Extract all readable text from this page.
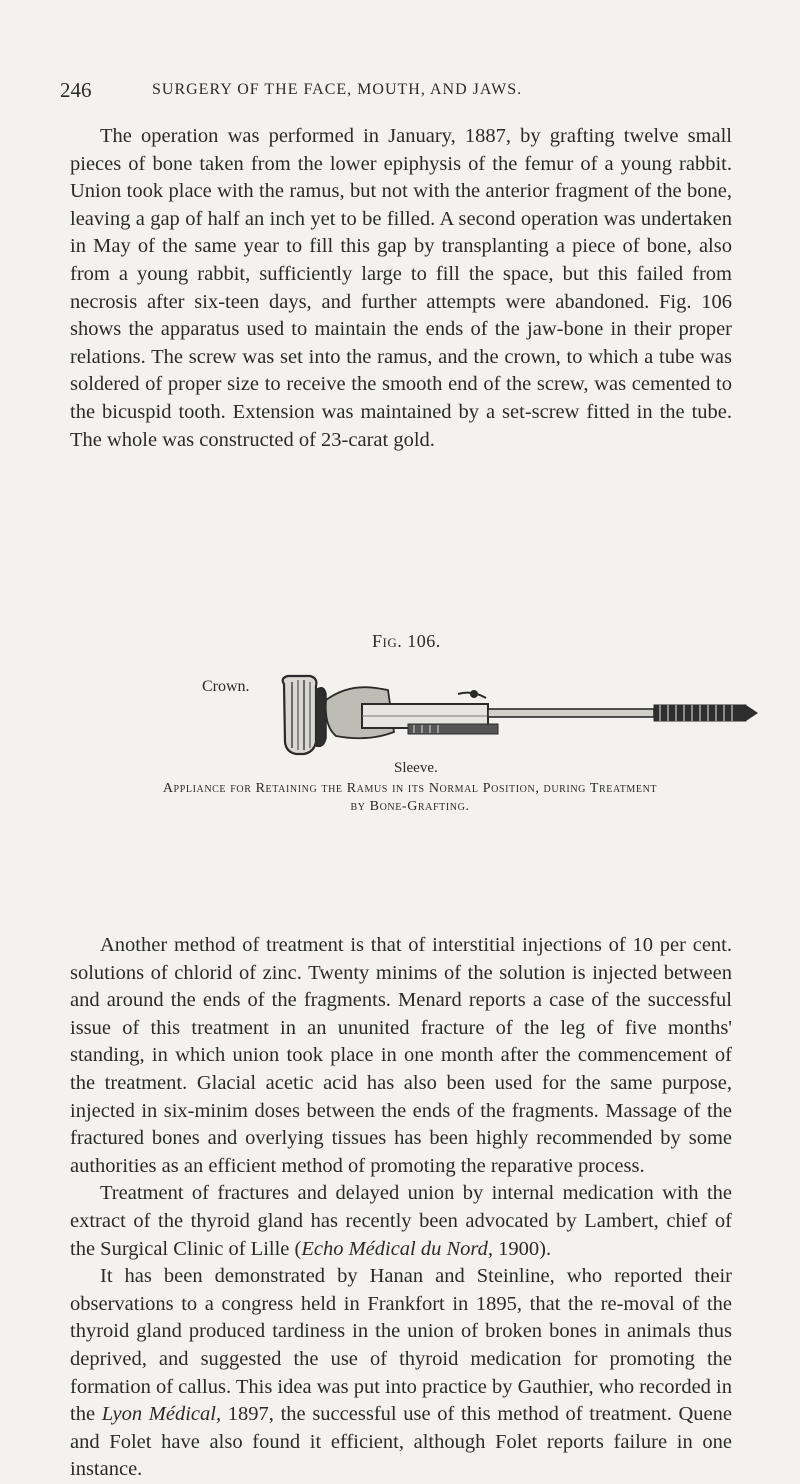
246	SURGERY OF THE FACE, MOUTH, AND JAWS.

The operation was performed in January, 1887, by grafting twelve small pieces of bone taken from the lower epiphysis of the femur of a young rabbit. Union took place with the ramus, but not with the anterior fragment of the bone, leaving a gap of half an inch yet to be filled. A second operation was undertaken in May of the same year to fill this gap by transplanting a piece of bone, also from a young rabbit, sufficiently large to fill the space, but this failed from necrosis after six-teen days, and further attempts were abandoned. Fig. 106 shows the apparatus used to maintain the ends of the jaw-bone in their proper relations. The screw was set into the ramus, and the crown, to which a tube was soldered of proper size to receive the smooth end of the screw, was cemented to the bicuspid tooth. Extension was maintained by a set-screw fitted in the tube. The whole was constructed of 23-carat gold.

Fig. 106.
Crown.
Sleeve.
Appliance for Retaining the Ramus in its Normal Position, during Treatment
by Bone-Grafting.

Another method of treatment is that of interstitial injections of 10 per cent. solutions of chlorid of zinc. Twenty minims of the solution is injected between and around the ends of the fragments. Menard reports a case of the successful issue of this treatment in an ununited fracture of the leg of five months' standing, in which union took place in one month after the commencement of the treatment. Glacial acetic acid has also been used for the same purpose, injected in six-minim doses between the ends of the fragments. Massage of the fractured bones and overlying tissues has been highly recommended by some authorities as an efficient method of promoting the reparative process.

Treatment of fractures and delayed union by internal medication with the extract of the thyroid gland has recently been advocated by Lambert, chief of the Surgical Clinic of Lille (Echo Médical du Nord, 1900).

It has been demonstrated by Hanan and Steinline, who reported their observations to a congress held in Frankfort in 1895, that the re-moval of the thyroid gland produced tardiness in the union of broken bones in animals thus deprived, and suggested the use of thyroid medication for promoting the formation of callus. This idea was put into practice by Gauthier, who recorded in the Lyon Médical, 1897, the successful use of this method of treatment. Quene and Folet have also found it efficient, although Folet reports failure in one instance.
